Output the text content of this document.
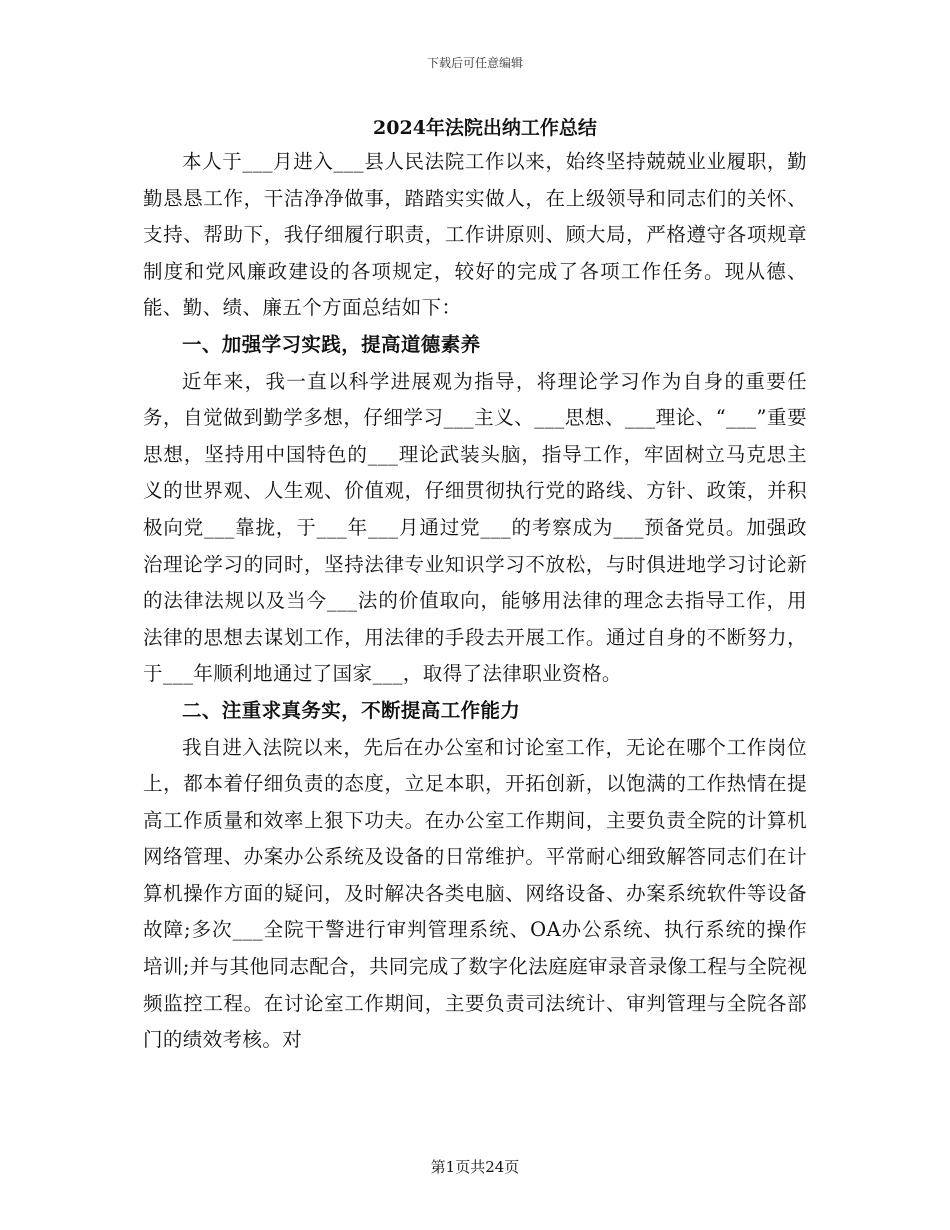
下载后可任意编辑
2024年法院出纳工作总结

本人于___月进入___县人民法院工作以来，始终坚持兢兢业业履职，勤勤恳恳工作，干洁净净做事，踏踏实实做人，在上级领导和同志们的关怀、支持、帮助下，我仔细履行职责，工作讲原则、顾大局，严格遵守各项规章制度和党风廉政建设的各项规定，较好的完成了各项工作任务。现从德、能、勤、绩、廉五个方面总结如下：

一、加强学习实践，提高道德素养

近年来，我一直以科学进展观为指导，将理论学习作为自身的重要任务，自觉做到勤学多想，仔细学习___主义、___思想、___理论、“___”重要思想，坚持用中国特色的___理论武装头脑，指导工作，牢固树立马克思主义的世界观、人生观、价值观，仔细贯彻执行党的路线、方针、政策，并积极向党___靠拢，于___年___月通过党___的考察成为___预备党员。加强政治理论学习的同时，坚持法律专业知识学习不放松，与时俱进地学习讨论新的法律法规以及当今___法的价值取向，能够用法律的理念去指导工作，用法律的思想去谋划工作，用法律的手段去开展工作。通过自身的不断努力，于___年顺利地通过了国家___，取得了法律职业资格。

二、注重求真务实，不断提高工作能力

我自进入法院以来，先后在办公室和讨论室工作，无论在哪个工作岗位上，都本着仔细负责的态度，立足本职，开拓创新，以饱满的工作热情在提高工作质量和效率上狠下功夫。在办公室工作期间，主要负责全院的计算机网络管理、办案办公系统及设备的日常维护。平常耐心细致解答同志们在计算机操作方面的疑问，及时解决各类电脑、网络设备、办案系统软件等设备故障;多次___全院干警进行审判管理系统、OA办公系统、执行系统的操作培训;并与其他同志配合，共同完成了数字化法庭庭审录音录像工程与全院视频监控工程。在讨论室工作期间，主要负责司法统计、审判管理与全院各部门的绩效考核。对

第1页共24页
